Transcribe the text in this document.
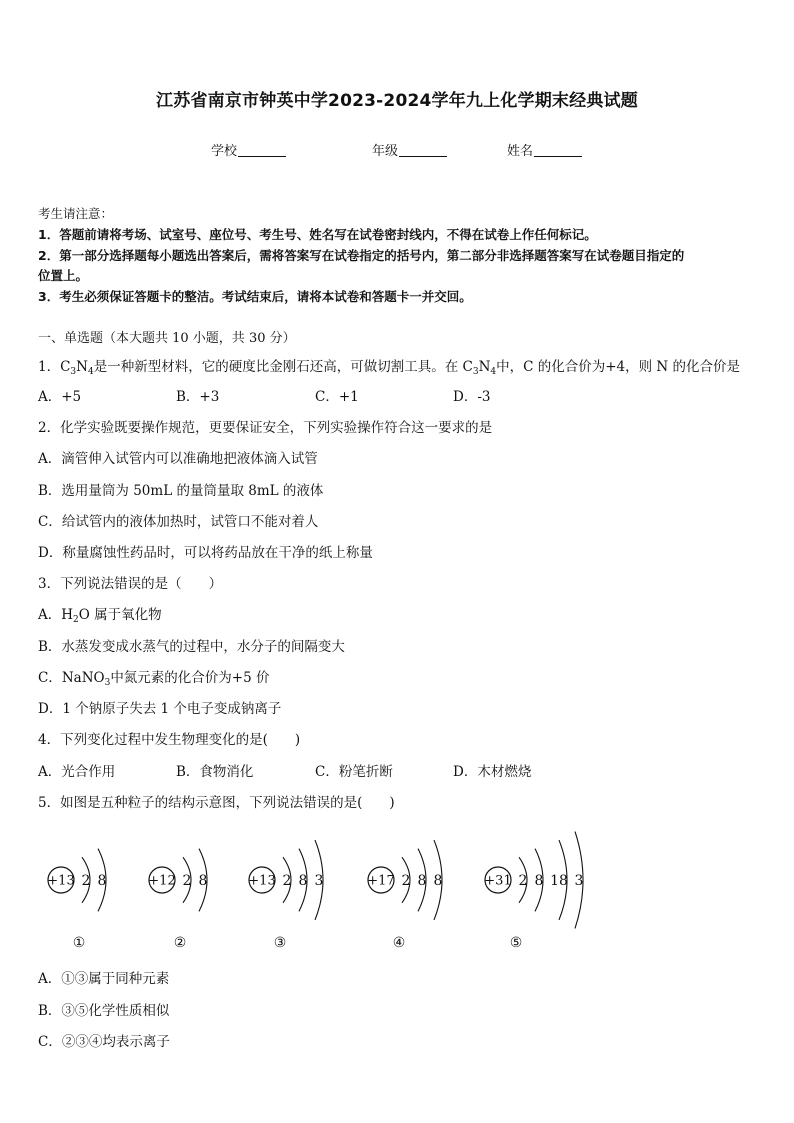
江苏省南京市钟英中学2023-2024学年九上化学期末经典试题
学校	年级	姓名
考生请注意：
1．答题前请将考场、试室号、座位号、考生号、姓名写在试卷密封线内，不得在试卷上作任何标记。
2．第一部分选择题每小题选出答案后，需将答案写在试卷指定的括号内，第二部分非选择题答案写在试卷题目指定的
位置上。
3．考生必须保证答题卡的整洁。考试结束后，请将本试卷和答题卡一并交回。
一、单选题（本大题共 10 小题，共 30 分）
1．$C_3N_4$是一种新型材料，它的硬度比金刚石还高，可做切割工具。在 $C_3N_4$中，C 的化合价为+4，则 N 的化合价是
A．+5	B．+3	C．+1	D．-3
2．化学实验既要操作规范，更要保证安全，下列实验操作符合这一要求的是
A．滴管伸入试管内可以准确地把液体滴入试管
B．选用量筒为 50mL 的量筒量取 8mL 的液体
C．给试管内的液体加热时，试管口不能对着人
D．称量腐蚀性药品时，可以将药品放在干净的纸上称量
3．下列说法错误的是（　　）
A．$H_2O$ 属于氧化物
B．水蒸发变成水蒸气的过程中，水分子的间隔变大
C．NaNO$_3$中氮元素的化合价为+5 价
D．1 个钠原子失去 1 个电子变成钠离子
4．下列变化过程中发生物理变化的是(　　)
A．光合作用	B．食物消化	C．粉笔折断	D．木材燃烧
5．如图是五种粒子的结构示意图，下列说法错误的是(　　)
+13 2 8
①
+12 2 8
②
+13 2 8 3
③
+17 2 8 8
④
+31 2 8 18 3
⑤
A．①③属于同种元素
B．③⑤化学性质相似
C．②③④均表示离子
